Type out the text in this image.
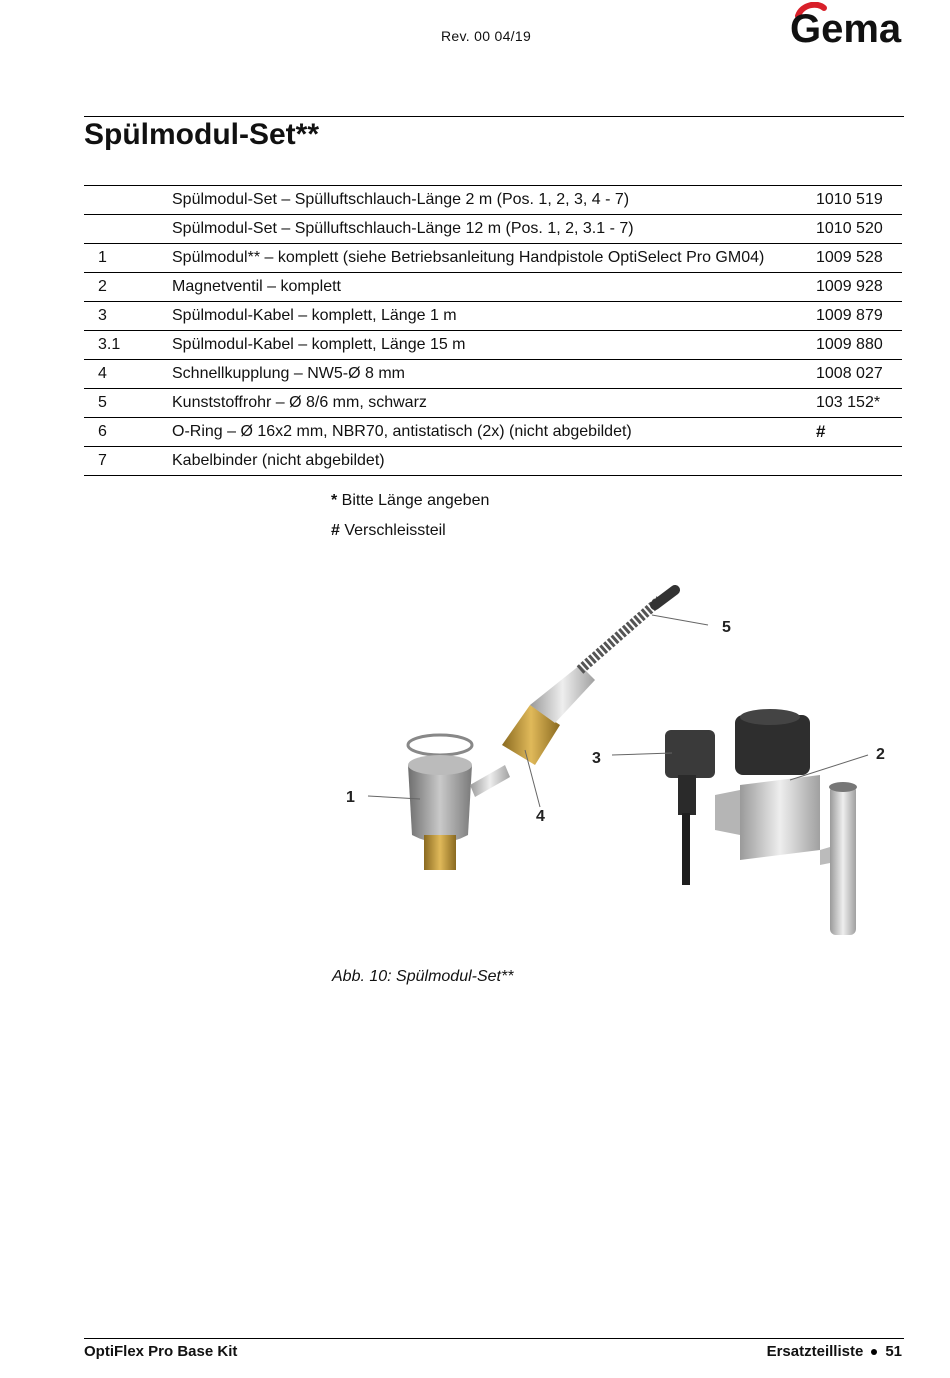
Rev. 00 04/19	Gema
Spülmodul-Set**
	Spülmodul-Set – Spülluftschlauch-Länge 2 m (Pos. 1, 2, 3, 4 - 7)	1010 519
	Spülmodul-Set – Spülluftschlauch-Länge 12 m (Pos. 1, 2, 3.1 - 7)	1010 520
1	Spülmodul** – komplett (siehe Betriebsanleitung Handpistole OptiSelect Pro GM04)	1009 528
2	Magnetventil – komplett	1009 928
3	Spülmodul-Kabel – komplett, Länge 1 m	1009 879
3.1	Spülmodul-Kabel – komplett, Länge 15 m	1009 880
4	Schnellkupplung – NW5-Ø 8 mm	1008 027
5	Kunststoffrohr – Ø 8/6 mm, schwarz	103 152*
6	O-Ring – Ø 16x2 mm, NBR70, antistatisch (2x) (nicht abgebildet)	#
7	Kabelbinder (nicht abgebildet)	
* Bitte Länge angeben
# Verschleissteil
1
2
3
4
5
Abb. 10: Spülmodul-Set**
OptiFlex Pro Base Kit	Ersatzteilliste 51
